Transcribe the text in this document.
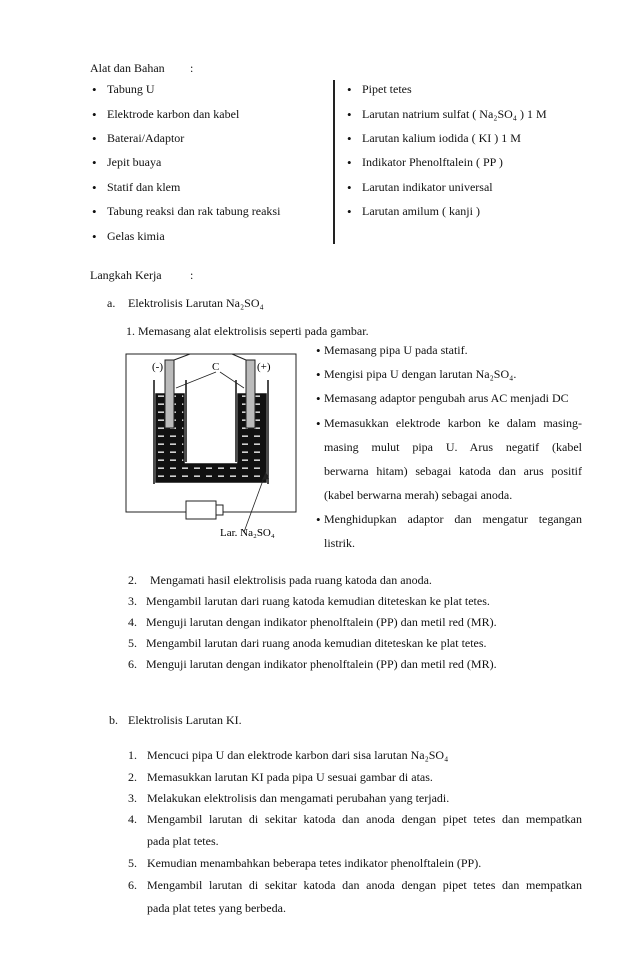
Alat dan Bahan :
• Tabung U
• Elektrode karbon dan kabel
• Baterai/Adaptor
• Jepit buaya
• Statif dan klem
• Tabung reaksi dan rak tabung reaksi
• Gelas kimia
• Pipet tetes
• Larutan natrium sulfat ( Na₂SO₄ ) 1 M
• Larutan kalium iodida ( KI ) 1 M
• Indikator Phenolftalein ( PP )
• Larutan indikator universal
• Larutan amilum ( kanji )
Langkah Kerja :
a. Elektrolisis Larutan Na₂SO₄
1. Memasang alat elektrolisis seperti pada gambar.
(-)	C	(+)
Lar. Na₂SO₄
• Memasang pipa U pada statif.
• Mengisi pipa U dengan larutan Na₂SO₄.
• Memasang adaptor pengubah arus AC menjadi DC
• Memasukkan elektrode karbon ke dalam masing-
masing mulut pipa U. Arus negatif (kabel
berwarna hitam) sebagai katoda dan arus positif
(kabel berwarna merah) sebagai anoda.
• Menghidupkan adaptor dan mengatur tegangan
listrik.
2. Mengamati hasil elektrolisis pada ruang katoda dan anoda.
3. Mengambil larutan dari ruang katoda kemudian diteteskan ke plat tetes.
4. Menguji larutan dengan indikator phenolftalein (PP) dan metil red (MR).
5. Mengambil larutan dari ruang anoda kemudian diteteskan ke plat tetes.
6. Menguji larutan dengan indikator phenolftalein (PP) dan metil red (MR).
b. Elektrolisis Larutan KI.
1. Mencuci pipa U dan elektrode karbon dari sisa larutan Na₂SO₄
2. Memasukkan larutan KI pada pipa U sesuai gambar di atas.
3. Melakukan elektrolisis dan mengamati perubahan yang terjadi.
4. Mengambil larutan di sekitar katoda dan anoda dengan pipet tetes dan mempatkan
pada plat tetes.
5. Kemudian menambahkan beberapa tetes indikator phenolftalein (PP).
6. Mengambil larutan di sekitar katoda dan anoda dengan pipet tetes dan mempatkan
pada plat tetes yang berbeda.
